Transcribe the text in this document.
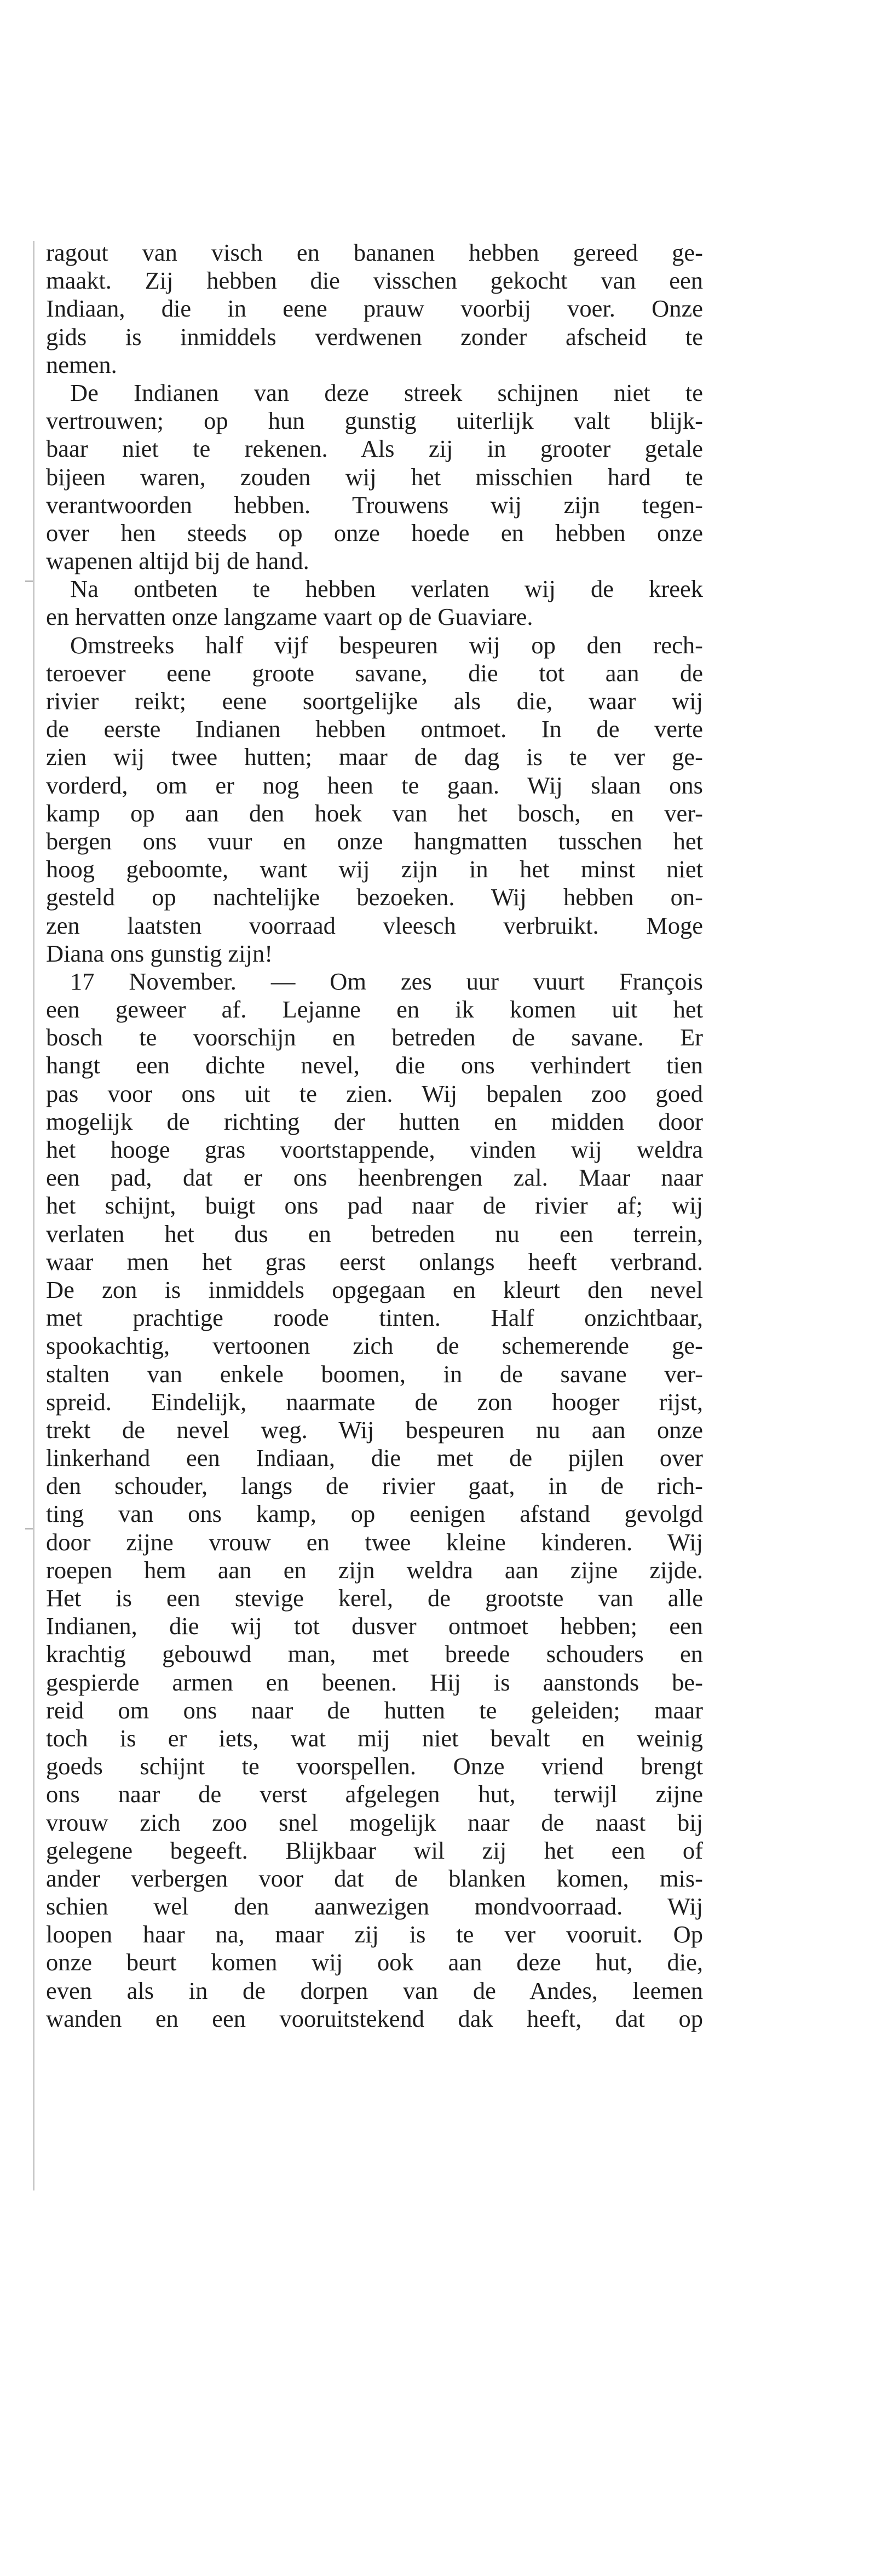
ragout van visch en bananen hebben gereed ge-
maakt. Zij hebben die visschen gekocht van een
Indiaan, die in eene prauw voorbij voer. Onze
gids is inmiddels verdwenen zonder afscheid te
nemen.
De Indianen van deze streek schijnen niet te
vertrouwen; op hun gunstig uiterlijk valt blijk-
baar niet te rekenen. Als zij in grooter getale
bijeen waren, zouden wij het misschien hard te
verantwoorden hebben. Trouwens wij zijn tegen-
over hen steeds op onze hoede en hebben onze
wapenen altijd bij de hand.
Na ontbeten te hebben verlaten wij de kreek
en hervatten onze langzame vaart op de Guaviare.
Omstreeks half vijf bespeuren wij op den rech-
teroever eene groote savane, die tot aan de
rivier reikt; eene soortgelijke als die, waar wij
de eerste Indianen hebben ontmoet. In de verte
zien wij twee hutten; maar de dag is te ver ge-
vorderd, om er nog heen te gaan. Wij slaan ons
kamp op aan den hoek van het bosch, en ver-
bergen ons vuur en onze hangmatten tusschen het
hoog geboomte, want wij zijn in het minst niet
gesteld op nachtelijke bezoeken. Wij hebben on-
zen laatsten voorraad vleesch verbruikt. Moge
Diana ons gunstig zijn!
17 November. — Om zes uur vuurt François
een geweer af. Lejanne en ik komen uit het
bosch te voorschijn en betreden de savane. Er
hangt een dichte nevel, die ons verhindert tien
pas voor ons uit te zien. Wij bepalen zoo goed
mogelijk de richting der hutten en midden door
het hooge gras voortstappende, vinden wij weldra
een pad, dat er ons heenbrengen zal. Maar naar
het schijnt, buigt ons pad naar de rivier af; wij
verlaten het dus en betreden nu een terrein,
waar men het gras eerst onlangs heeft verbrand.
De zon is inmiddels opgegaan en kleurt den nevel
met prachtige roode tinten. Half onzichtbaar,
spookachtig, vertoonen zich de schemerende ge-
stalten van enkele boomen, in de savane ver-
spreid. Eindelijk, naarmate de zon hooger rijst,
trekt de nevel weg. Wij bespeuren nu aan onze
linkerhand een Indiaan, die met de pijlen over
den schouder, langs de rivier gaat, in de rich-
ting van ons kamp, op eenigen afstand gevolgd
door zijne vrouw en twee kleine kinderen. Wij
roepen hem aan en zijn weldra aan zijne zijde.
Het is een stevige kerel, de grootste van alle
Indianen, die wij tot dusver ontmoet hebben; een
krachtig gebouwd man, met breede schouders en
gespierde armen en beenen. Hij is aanstonds be-
reid om ons naar de hutten te geleiden; maar
toch is er iets, wat mij niet bevalt en weinig
goeds schijnt te voorspellen. Onze vriend brengt
ons naar de verst afgelegen hut, terwijl zijne
vrouw zich zoo snel mogelijk naar de naast bij
gelegene begeeft. Blijkbaar wil zij het een of
ander verbergen voor dat de blanken komen, mis-
schien wel den aanwezigen mondvoorraad. Wij
loopen haar na, maar zij is te ver vooruit. Op
onze beurt komen wij ook aan deze hut, die,
even als in de dorpen van de Andes, leemen
wanden en een vooruitstekend dak heeft, dat op
